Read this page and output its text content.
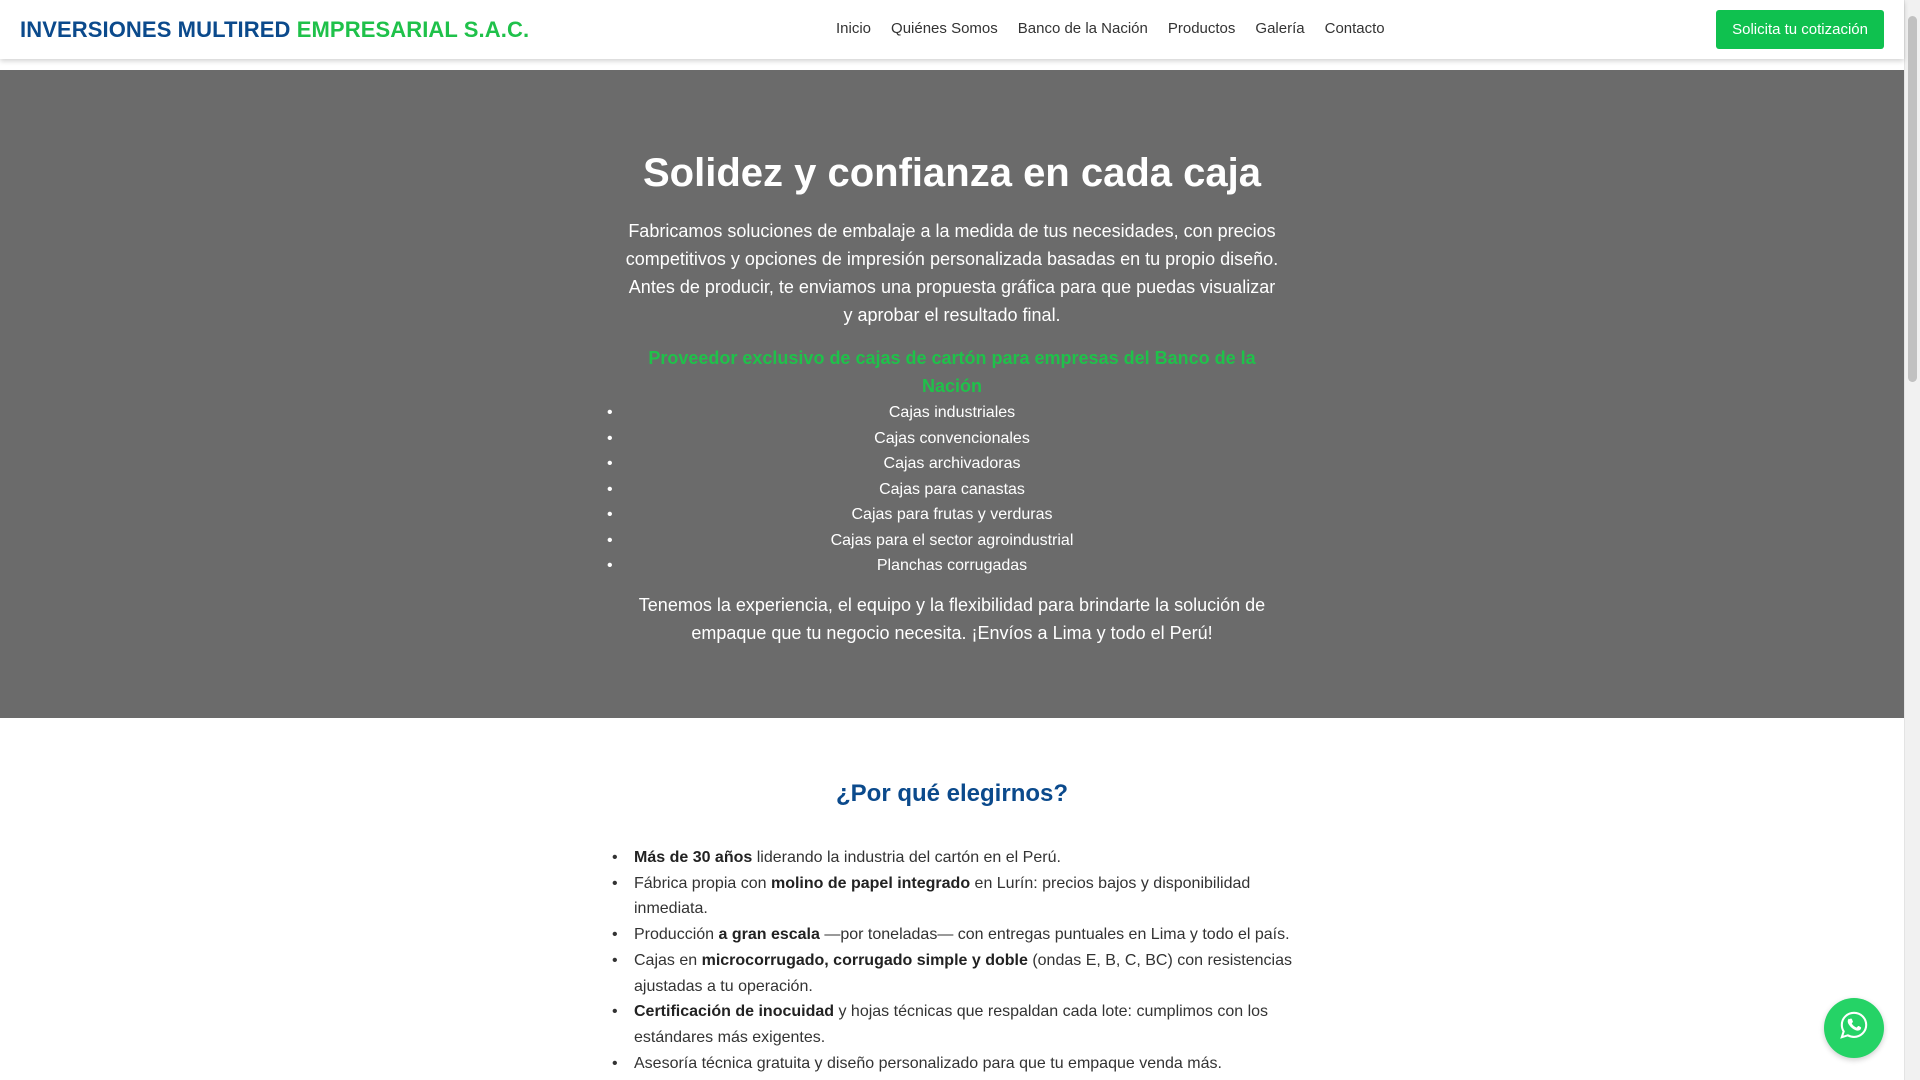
INVERSIONES MULTIRED EMPRESARIAL S.A.C.	Inicio Quiénes Somos Banco de la Nación Productos Galería Contacto	Solicita tu cotización
Solidez y confianza en cada caja

Fabricamos soluciones de embalaje a la medida de tus necesidades, con precios competitivos y opciones de impresión personalizada basadas en tu propio diseño. Antes de producir, te enviamos una propuesta gráfica para que puedas visualizar y aprobar el resultado final.

Proveedor exclusivo de cajas de cartón para empresas del Banco de la Nación

• Cajas industriales
• Cajas convencionales
• Cajas archivadoras
• Cajas para canastas
• Cajas para frutas y verduras
• Cajas para el sector agroindustrial
• Planchas corrugadas

Tenemos la experiencia, el equipo y la flexibilidad para brindarte la solución de empaque que tu negocio necesita. ¡Envíos a Lima y todo el Perú!

¿Por qué elegirnos?
• Más de 30 años liderando la industria del cartón en el Perú.
• Fábrica propia con molino de papel integrado en Lurín: precios bajos y disponibilidad inmediata.
• Producción a gran escala —por toneladas— con entregas puntuales en Lima y todo el país.
• Cajas en microcorrugado, corrugado simple y doble (ondas E, B, C, BC) con resistencias ajustadas a tu operación.
• Certificación de inocuidad y hojas técnicas que respaldan cada lote: cumplimos con los estándares más exigentes.
• Asesoría técnica gratuita y diseño personalizado para que tu empaque venda más.
